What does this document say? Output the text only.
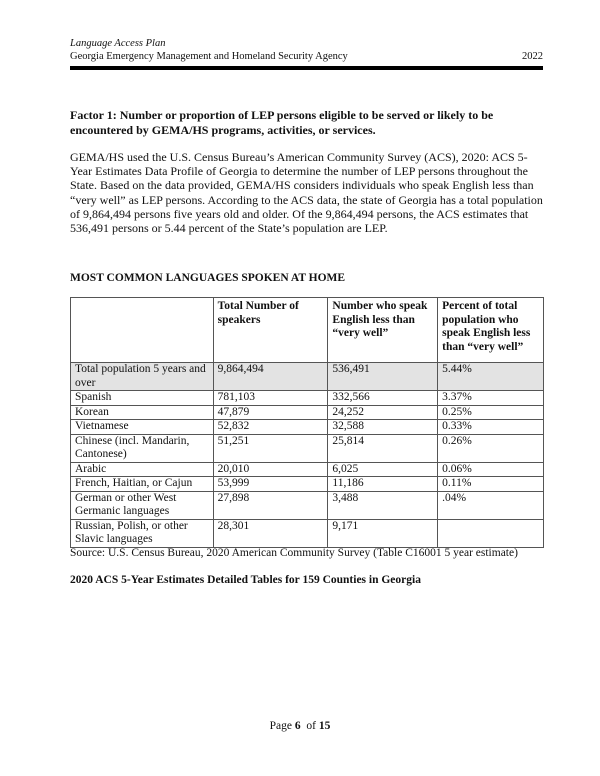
Language Access Plan
Georgia Emergency Management and Homeland Security Agency	2022
Factor 1: Number or proportion of LEP persons eligible to be served or likely to be encountered by GEMA/HS programs, activities, or services.
GEMA/HS used the U.S. Census Bureau’s American Community Survey (ACS), 2020: ACS 5-Year Estimates Data Profile of Georgia to determine the number of LEP persons throughout the State. Based on the data provided, GEMA/HS considers individuals who speak English less than “very well” as LEP persons. According to the ACS data, the state of Georgia has a total population of 9,864,494 persons five years old and older. Of the 9,864,494 persons, the ACS estimates that 536,491 persons or 5.44 percent of the State’s population are LEP.
MOST COMMON LANGUAGES SPOKEN AT HOME
	Total Number of speakers	Number who speak English less than “very well”	Percent of total population who speak English less than “very well”
Total population 5 years and over	9,864,494	536,491	5.44%
Spanish	781,103	332,566	3.37%
Korean	47,879	24,252	0.25%
Vietnamese	52,832	32,588	0.33%
Chinese (incl. Mandarin, Cantonese)	51,251	25,814	0.26%
Arabic	20,010	6,025	0.06%
French, Haitian, or Cajun	53,999	11,186	0.11%
German or other West Germanic languages	27,898	3,488	.04%
Russian, Polish, or other Slavic languages	28,301	9,171	
Source: U.S. Census Bureau, 2020 American Community Survey (Table C16001 5 year estimate)
2020 ACS 5-Year Estimates Detailed Tables for 159 Counties in Georgia
Page 6 of 15
